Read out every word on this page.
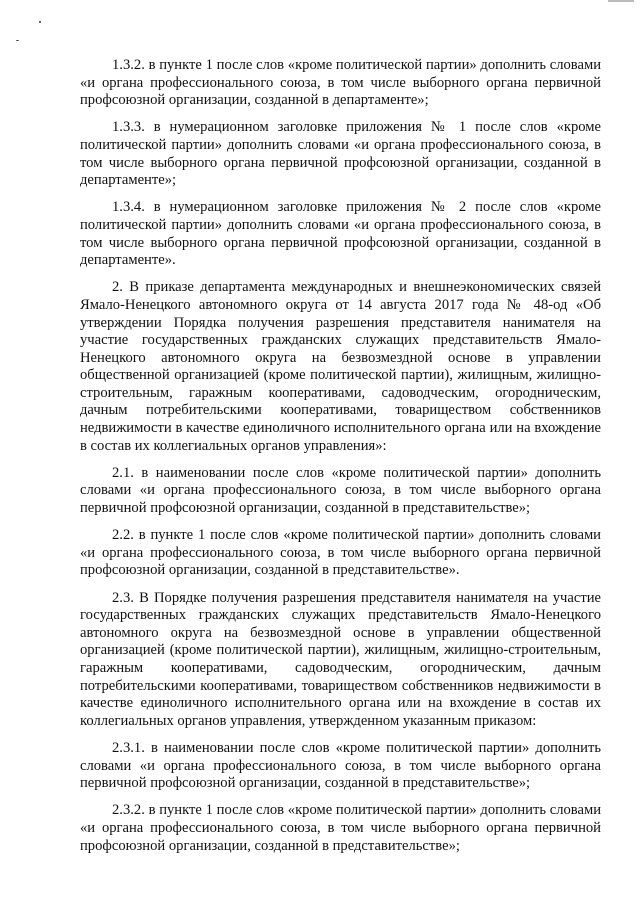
1.3.2. в пункте 1 после слов «кроме политической партии» дополнить словами «и органа профессионального союза, в том числе выборного органа первичной профсоюзной организации, созданной в департаменте»;

1.3.3. в нумерационном заголовке приложения № 1 после слов «кроме политической партии» дополнить словами «и органа профессионального союза, в том числе выборного органа первичной профсоюзной организации, созданной в департаменте»;

1.3.4. в нумерационном заголовке приложения № 2 после слов «кроме политической партии» дополнить словами «и органа профессионального союза, в том числе выборного органа первичной профсоюзной организации, созданной в департаменте».

2. В приказе департамента международных и внешнеэкономических связей Ямало-Ненецкого автономного округа от 14 августа 2017 года № 48-од «Об утверждении Порядка получения разрешения представителя нанимателя на участие государственных гражданских служащих представительств Ямало-Ненецкого автономного округа на безвозмездной основе в управлении общественной организацией (кроме политической партии), жилищным, жилищно-строительным, гаражным кооперативами, садоводческим, огородническим, дачным потребительскими кооперативами, товариществом собственников недвижимости в качестве единоличного исполнительного органа или на вхождение в состав их коллегиальных органов управления»:

2.1. в наименовании после слов «кроме политической партии» дополнить словами «и органа профессионального союза, в том числе выборного органа первичной профсоюзной организации, созданной в представительстве»;

2.2. в пункте 1 после слов «кроме политической партии» дополнить словами «и органа профессионального союза, в том числе выборного органа первичной профсоюзной организации, созданной в представительстве».

2.3. В Порядке получения разрешения представителя нанимателя на участие государственных гражданских служащих представительств Ямало-Ненецкого автономного округа на безвозмездной основе в управлении общественной организацией (кроме политической партии), жилищным, жилищно-строительным, гаражным кооперативами, садоводческим, огородническим, дачным потребительскими кооперативами, товариществом собственников недвижимости в качестве единоличного исполнительного органа или на вхождение в состав их коллегиальных органов управления, утвержденном указанным приказом:

2.3.1. в наименовании после слов «кроме политической партии» дополнить словами «и органа профессионального союза, в том числе выборного органа первичной профсоюзной организации, созданной в представительстве»;

2.3.2. в пункте 1 после слов «кроме политической партии» дополнить словами «и органа профессионального союза, в том числе выборного органа первичной профсоюзной организации, созданной в представительстве»;
